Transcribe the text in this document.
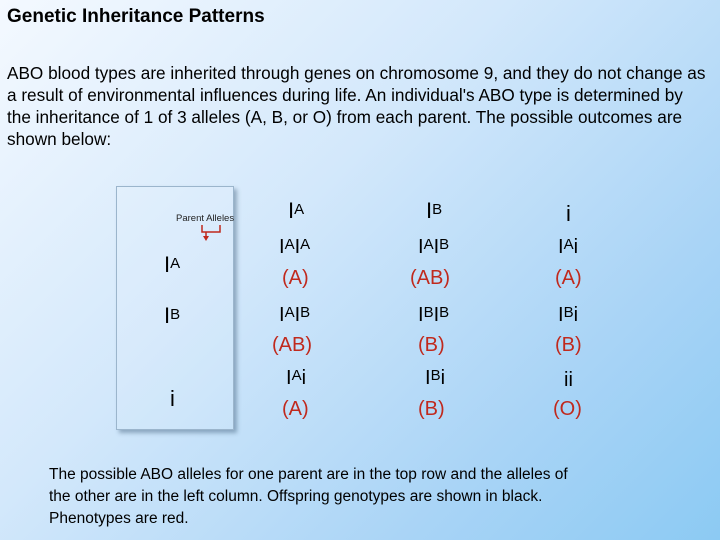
Genetic Inheritance Patterns

ABO blood types are inherited through genes on chromosome 9, and they do not change as a result of environmental influences during life. An individual's ABO type is determined by the inheritance of 1 of 3 alleles (A, B, or O) from each parent. The possible outcomes are shown below:

Parent Alleles $I^A$	$I^B$	i
$I^A$
$I^B$
i
$I^AI^A$
(A)
$I^AI^B$
(AB)
$I^Ai$
(A)
$I^AI^B$
(AB)
$I^BI^B$
(B)
$I^Bi$
(B)
$I^Ai$
(A)
$I^Bi$
(B)
ii
(O)

The possible ABO alleles for one parent are in the top row and the alleles of the other are in the left column. Offspring genotypes are shown in black. Phenotypes are red.
